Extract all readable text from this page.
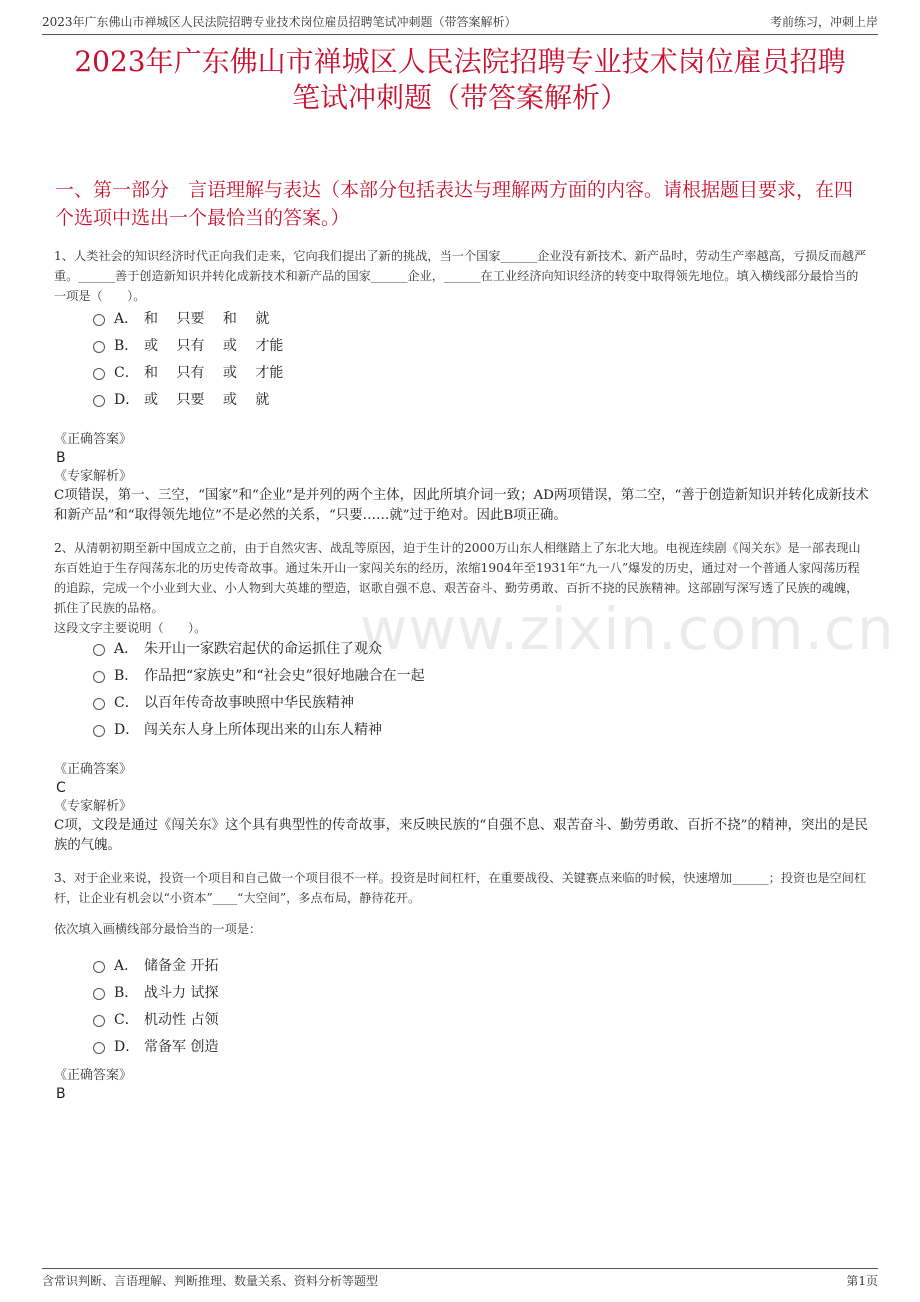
2023年广东佛山市禅城区人民法院招聘专业技术岗位雇员招聘笔试冲刺题（带答案解析）	考前练习，冲刺上岸
2023年广东佛山市禅城区人民法院招聘专业技术岗位雇员招聘
笔试冲刺题（带答案解析）
一、第一部分　言语理解与表达（本部分包括表达与理解两方面的内容。请根据题目要求，在四个选项中选出一个最恰当的答案。）

1、人类社会的知识经济时代正向我们走来，它向我们提出了新的挑战，当一个国家______企业没有新技术、新产品时，劳动生产率越高，亏损反而越严重。______善于创造新知识并转化成新技术和新产品的国家______企业，______在工业经济向知识经济的转变中取得领先地位。填入横线部分最恰当的一项是（　　）。

A． 和　 只要　 和　 就
B． 或　 只有　 或　 才能
C． 和　 只有　 或　 才能
D． 或　 只要　 或　 就
《正确答案》
B
《专家解析》

C项错误，第一、三空，“国家”和“企业”是并列的两个主体，因此所填介词一致；AD两项错误，第二空，“善于创造新知识并转化成新技术和新产品”和“取得领先地位”不是必然的关系，“只要……就”过于绝对。因此B项正确。

2、从清朝初期至新中国成立之前，由于自然灾害、战乱等原因，迫于生计的2000万山东人相继踏上了东北大地。电视连续剧《闯关东》是一部表现山东百姓迫于生存闯荡东北的历史传奇故事。通过朱开山一家闯关东的经历，浓缩1904年至1931年“九一八”爆发的历史，通过对一个普通人家闯荡历程的追踪，完成一个小业到大业、小人物到大英雄的塑造，讴歌自强不息、艰苦奋斗、勤劳勇敢、百折不挠的民族精神。这部剧写深写透了民族的魂魄，抓住了民族的品格。

这段文字主要说明（　　）。

A． 朱开山一家跌宕起伏的命运抓住了观众
B． 作品把“家族史”和“社会史”很好地融合在一起
C． 以百年传奇故事映照中华民族精神
D． 闯关东人身上所体现出来的山东人精神
《正确答案》
C
《专家解析》

C项，文段是通过《闯关东》这个具有典型性的传奇故事，来反映民族的“自强不息、艰苦奋斗、勤劳勇敢、百折不挠”的精神，突出的是民族的气魄。

3、对于企业来说，投资一个项目和自己做一个项目很不一样。投资是时间杠杆，在重要战役、关键赛点来临的时候，快速增加______；投资也是空间杠杆，让企业有机会以“小资本”____“大空间”，多点布局，静待花开。

依次填入画横线部分最恰当的一项是：

A． 储备金 开拓
B． 战斗力 试探
C． 机动性 占领
D． 常备军 创造
《正确答案》
B
www.zixin.com.cn
含常识判断、言语理解、判断推理、数量关系、资料分析等题型	第1页
